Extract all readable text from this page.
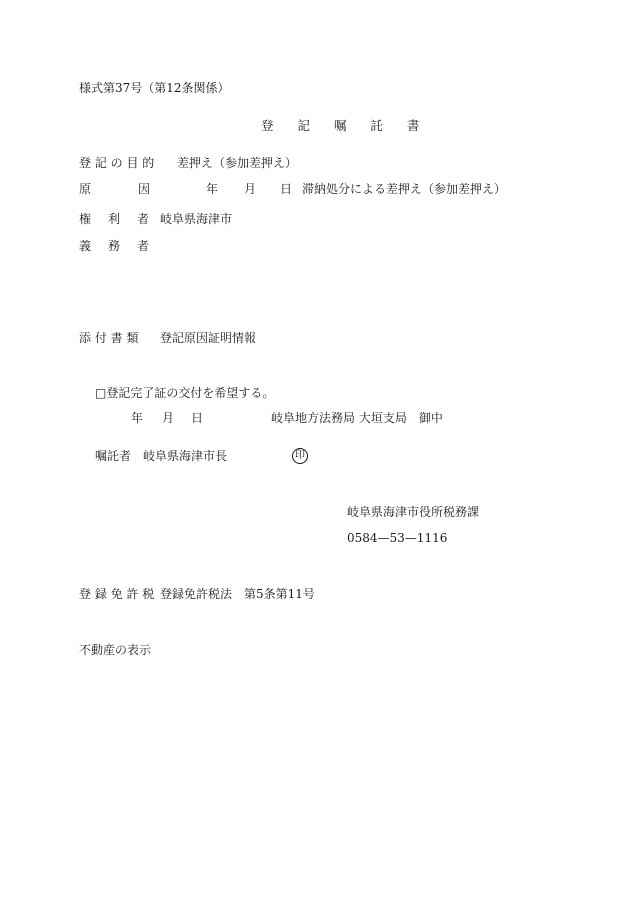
様式第37号（第12条関係）
登 記 嘱 託 書
登 記 の 目 的 差押え（参加差押え）
原	因	年 月 日 滞納処分による差押え（参加差押え）
権 利 者 岐阜県海津市
義 務 者
添 付 書 類 登記原因証明情報
□登記完了証の交付を希望する。
年 月 日	岐阜地方法務局 大垣支局　御中
嘱託者 岐阜県海津市長	印
岐阜県海津市役所税務課
0584—53—1116
登 録 免 許 税 登録免許税法　第5条第11号
不動産の表示
